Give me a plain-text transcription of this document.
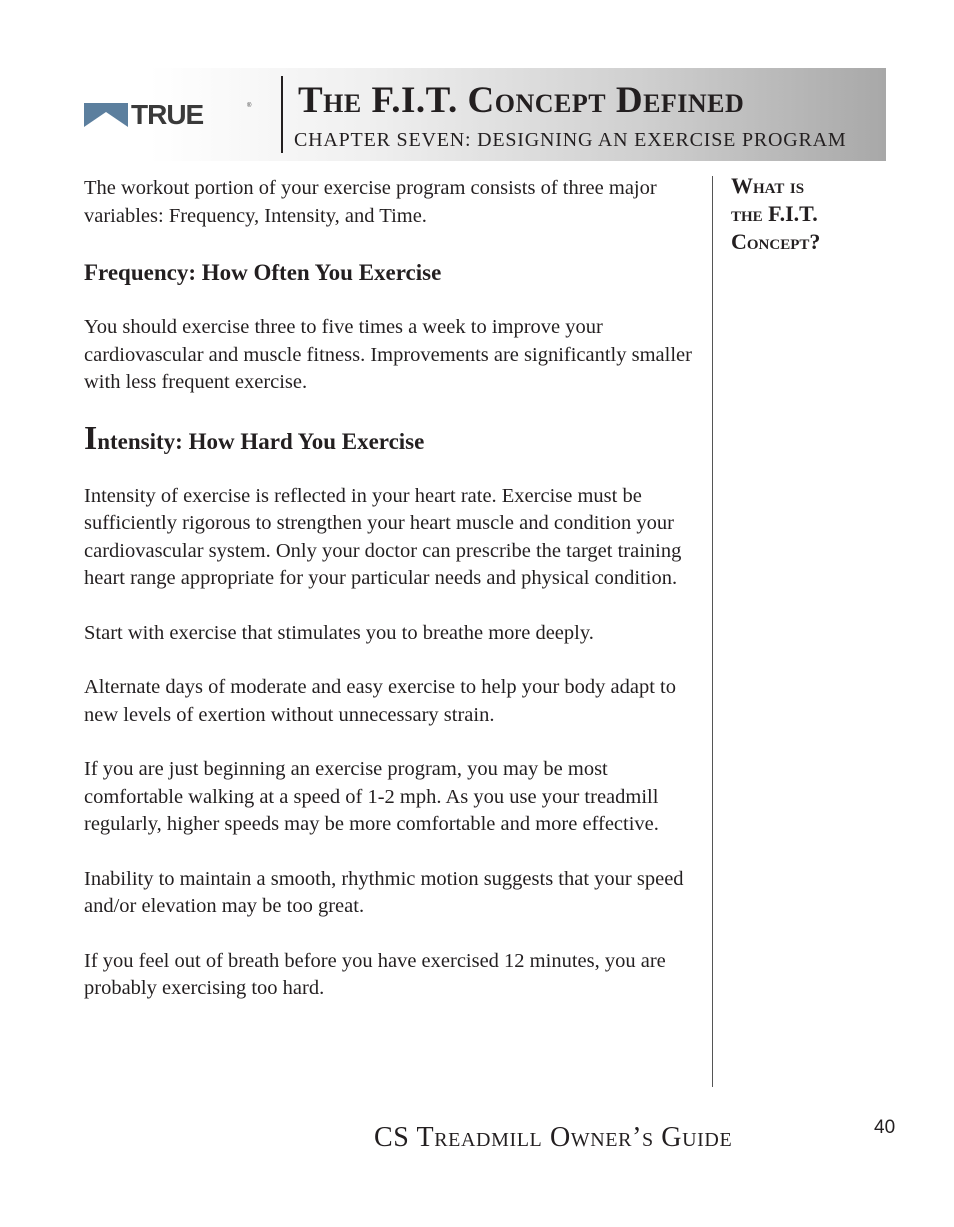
TRUE	® The F.I.T. Concept Defined
CHAPTER SEVEN: DESIGNING AN EXERCISE PROGRAM

The workout portion of your exercise program consists of three major variables: Frequency, Intensity, and Time.

Frequency: How Often You Exercise

You should exercise three to five times a week to improve your cardiovascular and muscle fitness. Improvements are significantly smaller with less frequent exercise.

Intensity: How Hard You Exercise

Intensity of exercise is reflected in your heart rate. Exercise must be sufficiently rigorous to strengthen your heart muscle and condition your cardiovascular system. Only your doctor can prescribe the target training heart range appropriate for your particular needs and physical condition.

Start with exercise that stimulates you to breathe more deeply.

Alternate days of moderate and easy exercise to help your body adapt to new levels of exertion without unnecessary strain.

If you are just beginning an exercise program, you may be most comfortable walking at a speed of 1-2 mph. As you use your treadmill regularly, higher speeds may be more comfortable and more effective.

Inability to maintain a smooth, rhythmic motion suggests that your speed and/or elevation may be too great.

If you feel out of breath before you have exercised 12 minutes, you are probably exercising too hard.

What is
the F.I.T.
Concept?
CS Treadmill Owner’s Guide	40
